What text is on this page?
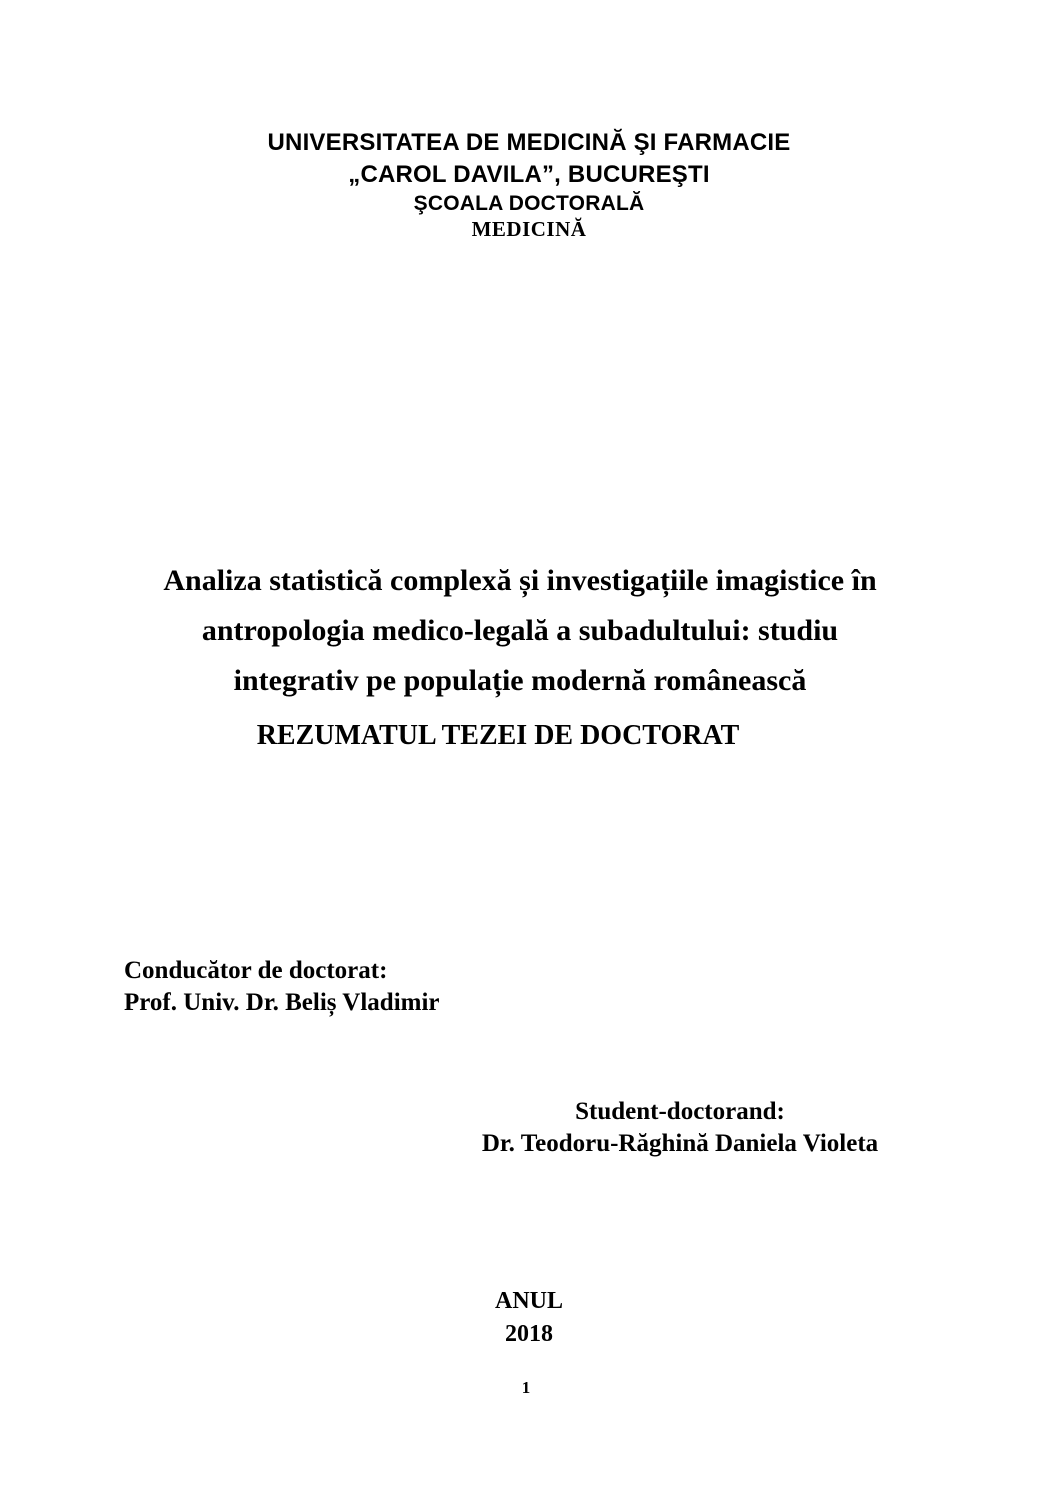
UNIVERSITATEA DE MEDICINĂ ŞI FARMACIE
„CAROL DAVILA”, BUCUREŞTI
ŞCOALA DOCTORALĂ
MEDICINĂ
Analiza statistică complexă și investigațiile imagistice în
antropologia medico-legală a subadultului: studiu
integrativ pe populație modernă românească
REZUMATUL TEZEI DE DOCTORAT
Conducător de doctorat:
Prof. Univ. Dr. Beliș Vladimir
Student-doctorand:
Dr. Teodoru-Răghină Daniela Violeta
ANUL
2018
1
